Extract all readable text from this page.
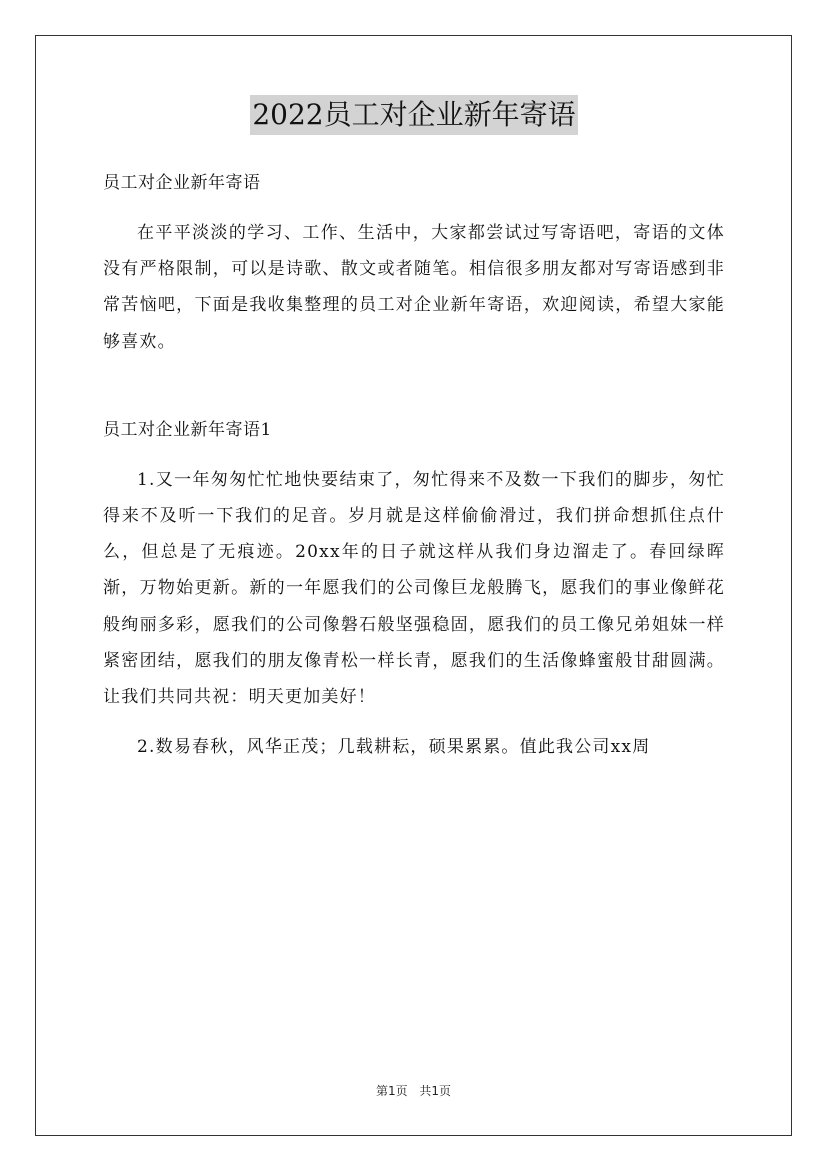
2022员工对企业新年寄语

员工对企业新年寄语

在平平淡淡的学习、工作、生活中，大家都尝试过写寄语吧，寄语的文体没有严格限制，可以是诗歌、散文或者随笔。相信很多朋友都对写寄语感到非常苦恼吧，下面是我收集整理的员工对企业新年寄语，欢迎阅读，希望大家能够喜欢。

员工对企业新年寄语1

1.又一年匆匆忙忙地快要结束了，匆忙得来不及数一下我们的脚步，匆忙得来不及听一下我们的足音。岁月就是这样偷偷滑过，我们拼命想抓住点什么，但总是了无痕迹。20xx年的日子就这样从我们身边溜走了。春回绿晖渐，万物始更新。新的一年愿我们的公司像巨龙般腾飞，愿我们的事业像鲜花般绚丽多彩，愿我们的公司像磐石般坚强稳固，愿我们的员工像兄弟姐妹一样紧密团结，愿我们的朋友像青松一样长青，愿我们的生活像蜂蜜般甘甜圆满。让我们共同共祝：明天更加美好！

2.数易春秋，风华正茂；几载耕耘，硕果累累。值此我公司xx周

第1页 共1页
